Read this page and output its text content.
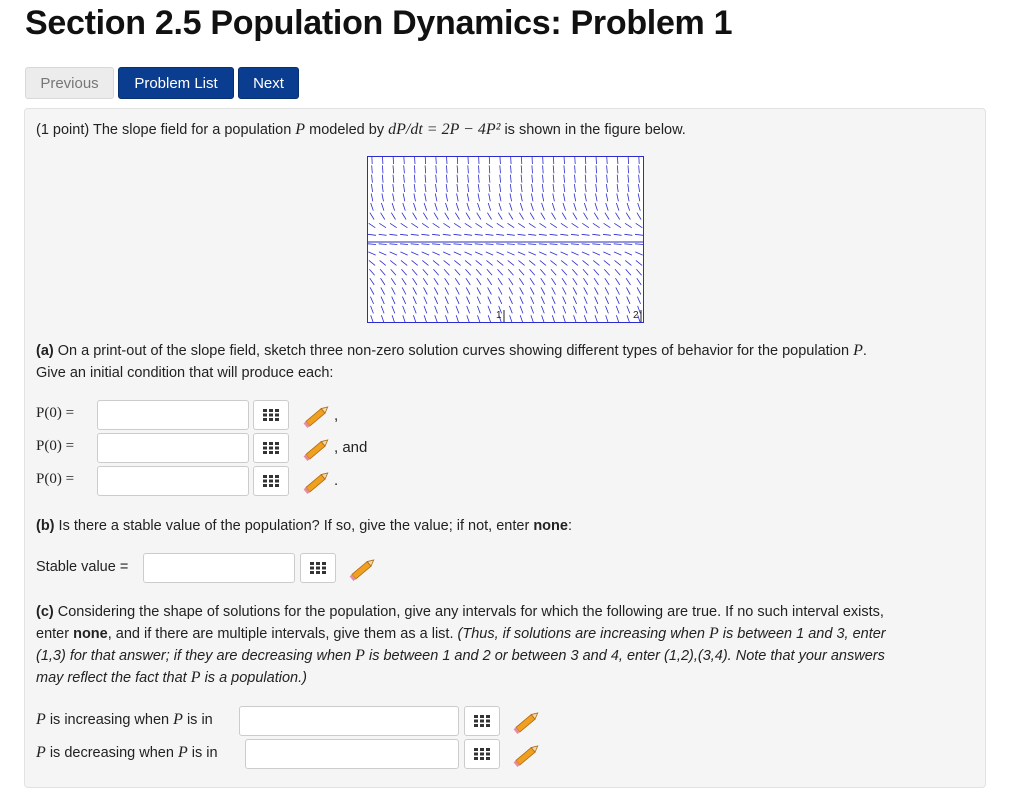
Section 2.5 Population Dynamics: Problem 1
Previous	Problem List	Next

(1 point) The slope field for a population P modeled by dP/dt = 2P − 4P² is shown in the figure below.

1	2

(a) On a print-out of the slope field, sketch three non-zero solution curves showing different types of behavior for the population P.
Give an initial condition that will produce each:

P(0) =	,
P(0) =	, and
P(0) =	.

(b) Is there a stable value of the population? If so, give the value; if not, enter none:

Stable value =

(c) Considering the shape of solutions for the population, give any intervals for which the following are true. If no such interval exists,
enter none, and if there are multiple intervals, give them as a list. (Thus, if solutions are increasing when P is between 1 and 3, enter
(1,3) for that answer; if they are decreasing when P is between 1 and 2 or between 3 and 4, enter (1,2),(3,4). Note that your answers
may reflect the fact that P is a population.)

P is increasing when P is in
P is decreasing when P is in
